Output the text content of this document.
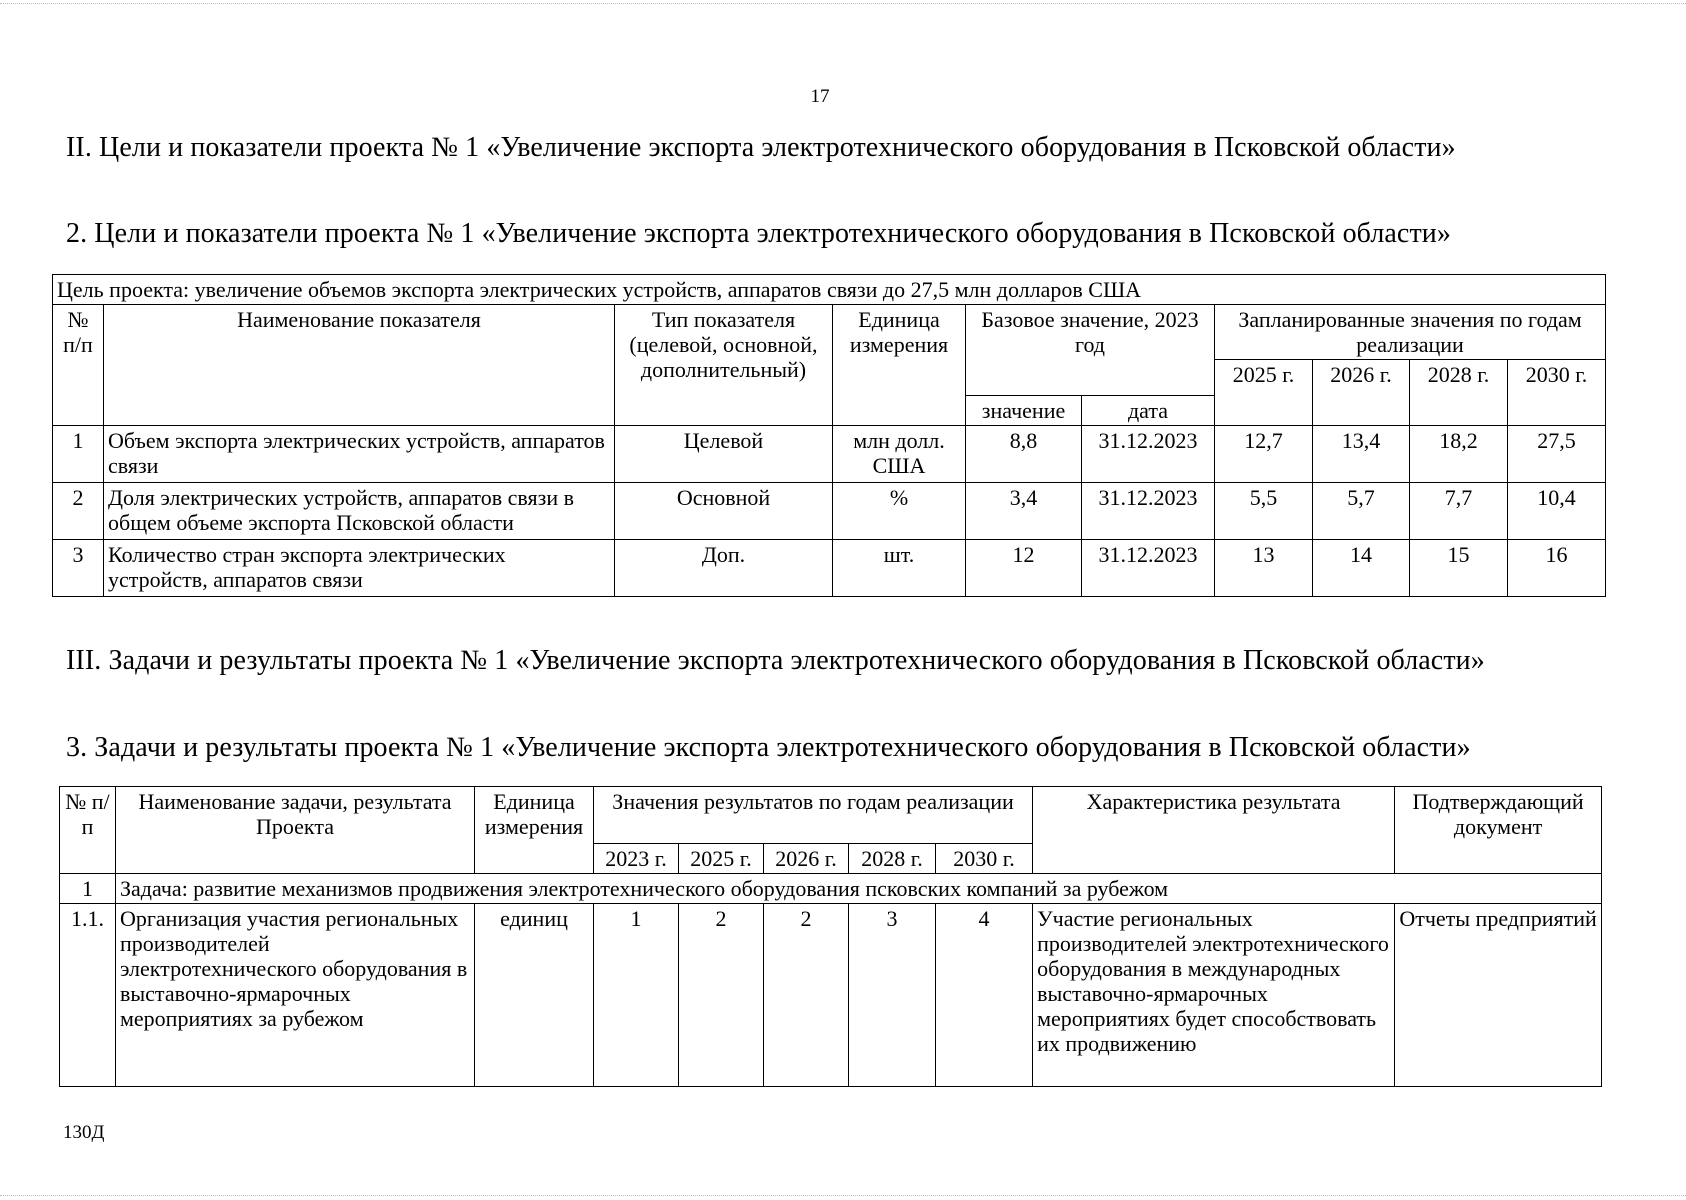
17
II. Цели и показатели проекта № 1 «Увеличение экспорта электротехнического оборудования в Псковской области»
2. Цели и показатели проекта № 1 «Увеличение экспорта электротехнического оборудования в Псковской области»
Цель проекта: увеличение объемов экспорта электрических устройств, аппаратов связи до 27,5 млн долларов США									
№ п/п	Наименование показателя	Тип показателя (целевой, основной, дополнительный)	Единица измерения	Базовое значение, 2023 год		Запланированные значения по годам реализации			
						2025 г.	2026 г.	2028 г.	2030 г.
				значение	дата				
1	Объем экспорта электрических устройств, аппаратов связи	Целевой	млн долл. США	8,8	31.12.2023	12,7	13,4	18,2	27,5
2	Доля электрических устройств, аппаратов связи в общем объеме экспорта Псковской области	Основной	%	3,4	31.12.2023	5,5	5,7	7,7	10,4
3	Количество стран экспорта электрических устройств, аппаратов связи	Доп.	шт.	12	31.12.2023	13	14	15	16
III. Задачи и результаты проекта № 1 «Увеличение экспорта электротехнического оборудования в Псковской области»
3. Задачи и результаты проекта № 1 «Увеличение экспорта электротехнического оборудования в Псковской области»
№ п/п	Наименование задачи, результата Проекта	Единица измерения	Значения результатов по годам реализации					Характеристика результата	Подтверждающий документ
			2023 г.	2025 г.	2026 г.	2028 г.	2030 г.		
1	Задача: развитие механизмов продвижения электротехнического оборудования псковских компаний за рубежом								
1.1.	Организация участия региональных производителей электротехнического оборудования в выставочно-ярмарочных мероприятиях за рубежом	единиц	1	2	2	3	4	Участие региональных производителей электротехнического оборудования в международных выставочно-ярмарочных мероприятиях будет способствовать их продвижению	Отчеты предприятий
130Д
